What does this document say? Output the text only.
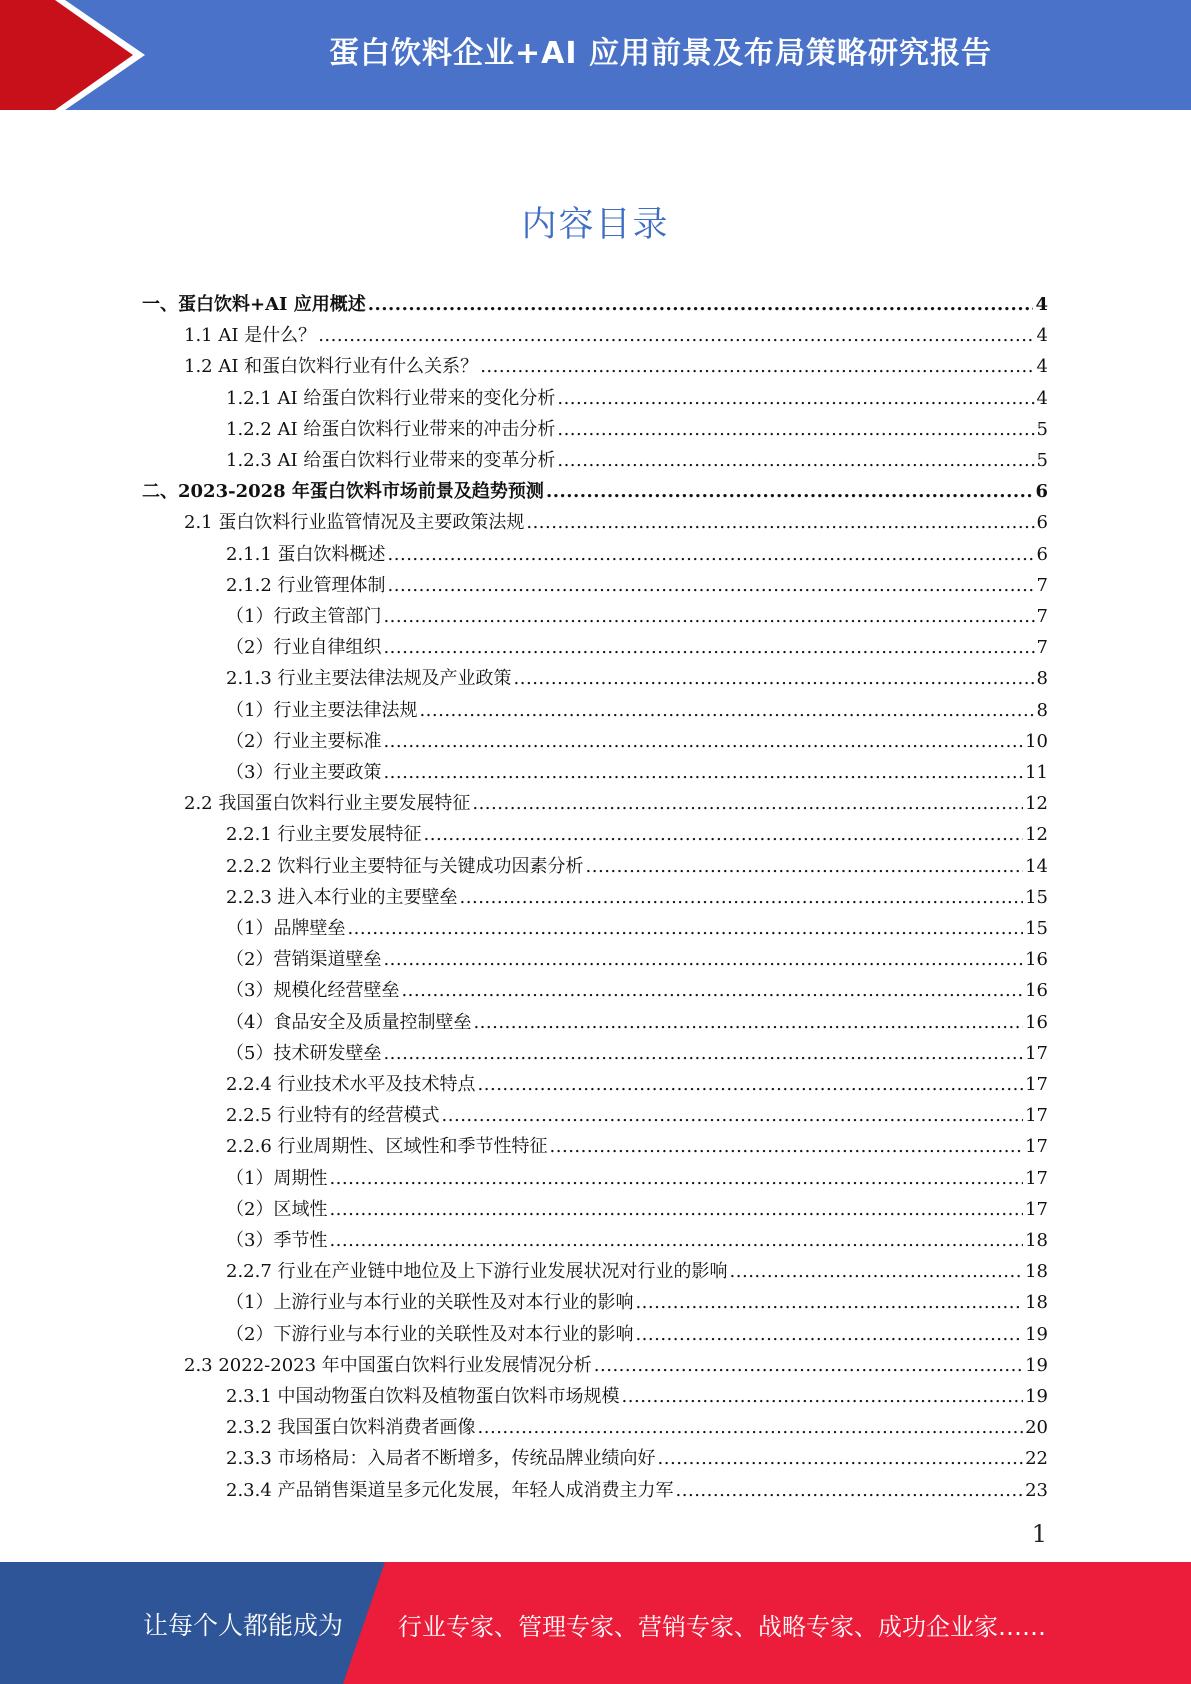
蛋白饮料企业+AI 应用前景及布局策略研究报告
内容目录
一、蛋白饮料+AI 应用概述 .....	4
1.1 AI 是什么？ .....	4
1.2 AI 和蛋白饮料行业有什么关系？ .....	4
1.2.1 AI 给蛋白饮料行业带来的变化分析 .....	4
1.2.2 AI 给蛋白饮料行业带来的冲击分析 .....	5
1.2.3 AI 给蛋白饮料行业带来的变革分析 .....	5
二、2023-2028 年蛋白饮料市场前景及趋势预测 .....	6
2.1 蛋白饮料行业监管情况及主要政策法规 .....	6
2.1.1 蛋白饮料概述 .....	6
2.1.2 行业管理体制 .....	7
（1）行政主管部门 .....	7
（2）行业自律组织 .....	7
2.1.3 行业主要法律法规及产业政策 .....	8
（1）行业主要法律法规 .....	8
（2）行业主要标准 .....	10
（3）行业主要政策 .....	11
2.2 我国蛋白饮料行业主要发展特征 .....	12
2.2.1 行业主要发展特征 .....	12
2.2.2 饮料行业主要特征与关键成功因素分析 .....	14
2.2.3 进入本行业的主要壁垒 .....	15
（1）品牌壁垒 .....	15
（2）营销渠道壁垒 .....	16
（3）规模化经营壁垒 .....	16
（4）食品安全及质量控制壁垒 .....	16
（5）技术研发壁垒 .....	17
2.2.4 行业技术水平及技术特点 .....	17
2.2.5 行业特有的经营模式 .....	17
2.2.6 行业周期性、区域性和季节性特征 .....	17
（1）周期性 .....	17
（2）区域性 .....	17
（3）季节性 .....	18
2.2.7 行业在产业链中地位及上下游行业发展状况对行业的影响 .....	18
（1）上游行业与本行业的关联性及对本行业的影响 .....	18
（2）下游行业与本行业的关联性及对本行业的影响 .....	19
2.3 2022-2023 年中国蛋白饮料行业发展情况分析 .....	19
2.3.1 中国动物蛋白饮料及植物蛋白饮料市场规模 .....	19
2.3.2 我国蛋白饮料消费者画像 .....	20
2.3.3 市场格局：入局者不断增多，传统品牌业绩向好 .....	22
2.3.4 产品销售渠道呈多元化发展，年轻人成消费主力军 .....	23
1
让每个人都能成为 行业专家、管理专家、营销专家、战略专家、成功企业家……
